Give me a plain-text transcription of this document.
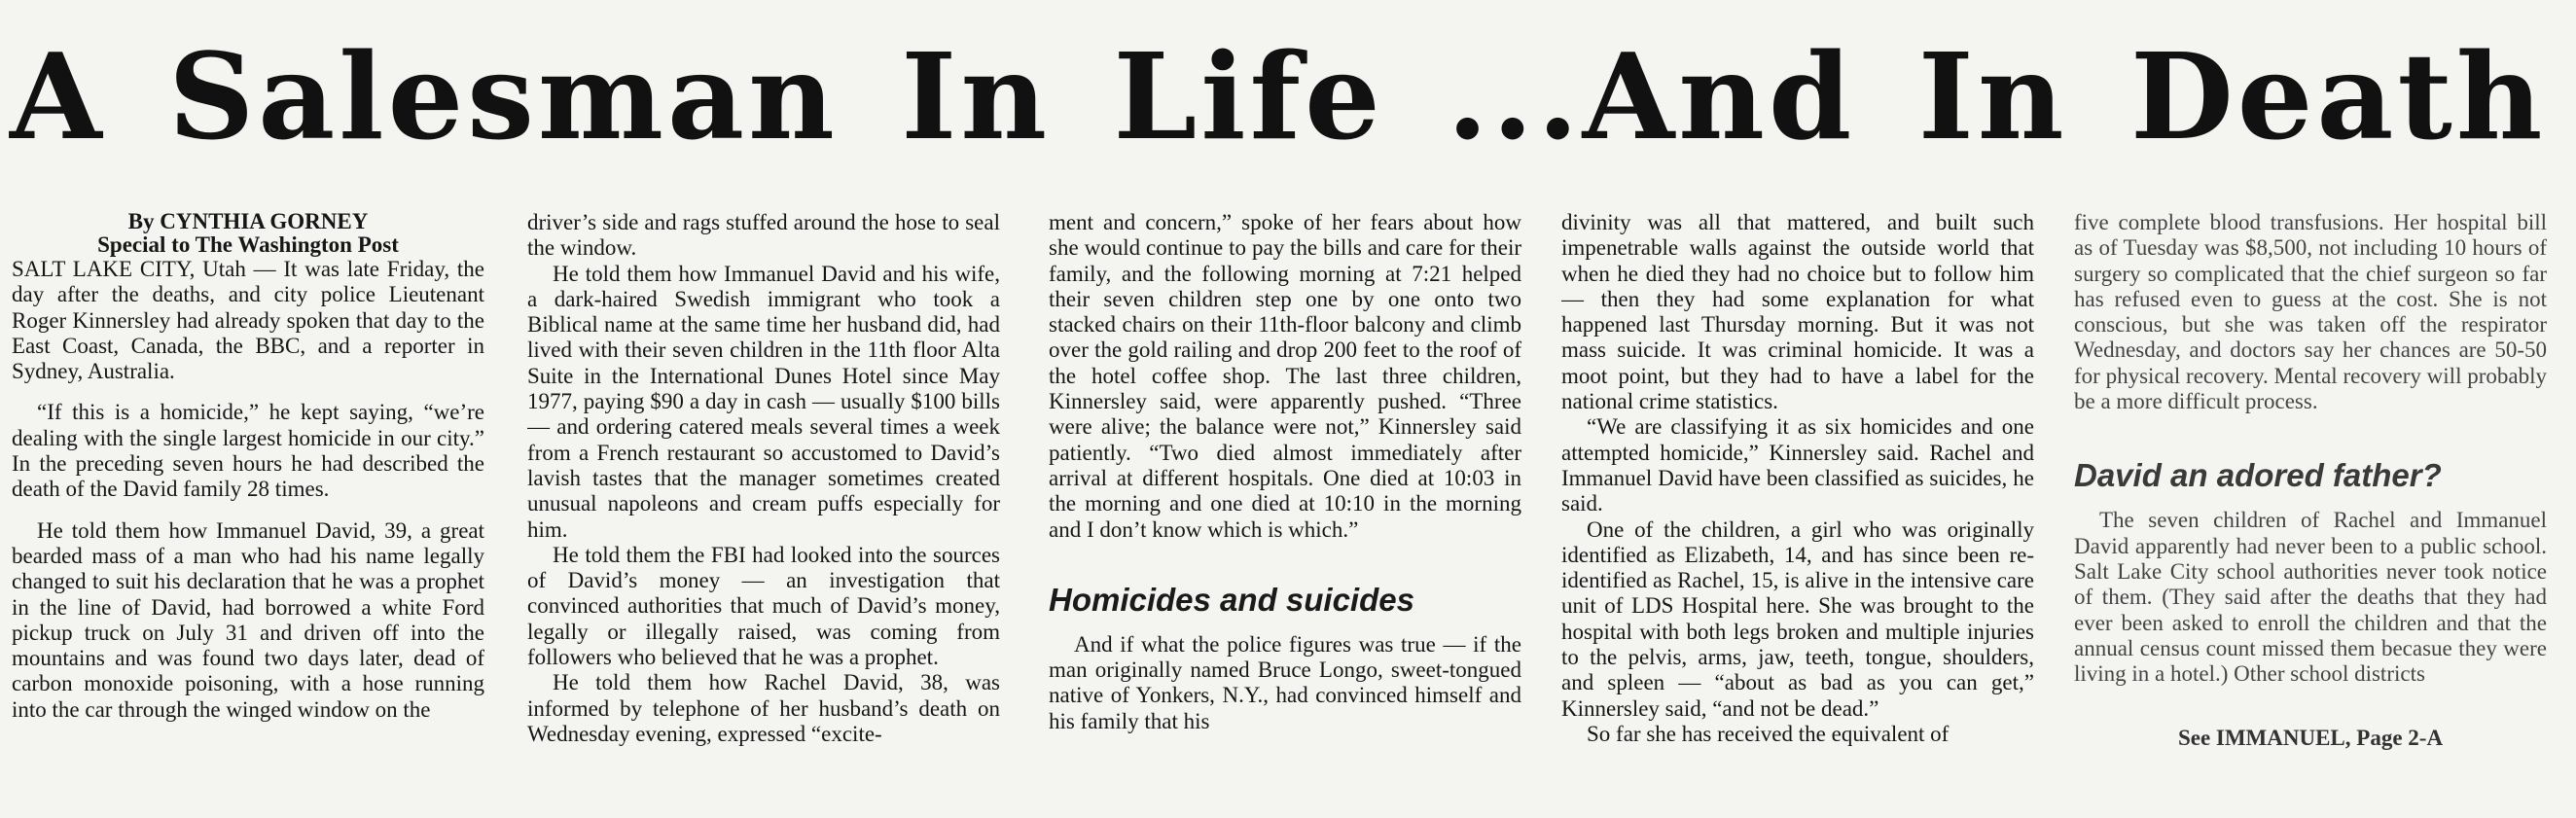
A Salesman In Life ...And In Death
By CYNTHIA GORNEY
Special to The Washington Post

SALT LAKE CITY, Utah — It was late Friday, the day after the deaths, and city police Lieutenant Roger Kinnersley had already spoken that day to the East Coast, Canada, the BBC, and a reporter in Sydney, Australia.

“If this is a homicide,” he kept saying, “we’re dealing with the single largest homicide in our city.” In the preceding seven hours he had described the death of the David family 28 times.

He told them how Immanuel David, 39, a great bearded mass of a man who had his name legally changed to suit his declaration that he was a prophet in the line of David, had borrowed a white Ford pickup truck on July 31 and driven off into the mountains and was found two days later, dead of carbon monoxide poisoning, with a hose running into the car through the winged window on the

driver’s side and rags stuffed around the hose to seal the window.

He told them how Immanuel David and his wife, a dark-haired Swedish immigrant who took a Biblical name at the same time her husband did, had lived with their seven children in the 11th floor Alta Suite in the International Dunes Hotel since May 1977, paying $90 a day in cash — usually $100 bills — and ordering catered meals several times a week from a French restaurant so accustomed to David’s lavish tastes that the manager sometimes created unusual napoleons and cream puffs especially for him.

He told them the FBI had looked into the sources of David’s money — an investigation that convinced authorities that much of David’s money, legally or illegally raised, was coming from followers who believed that he was a prophet.

He told them how Rachel David, 38, was informed by telephone of her husband’s death on Wednesday evening, expressed “excite-

ment and concern,” spoke of her fears about how she would continue to pay the bills and care for their family, and the following morning at 7:21 helped their seven children step one by one onto two stacked chairs on their 11th-floor balcony and climb over the gold railing and drop 200 feet to the roof of the hotel coffee shop. The last three children, Kinnersley said, were apparently pushed. “Three were alive; the balance were not,” Kinnersley said patiently. “Two died almost immediately after arrival at different hospitals. One died at 10:03 in the morning and one died at 10:10 in the morning and I don’t know which is which.”

Homicides and suicides

And if what the police figures was true — if the man originally named Bruce Longo, sweet-tongued native of Yonkers, N.Y., had convinced himself and his family that his

divinity was all that mattered, and built such impenetrable walls against the outside world that when he died they had no choice but to follow him — then they had some explanation for what happened last Thursday morning. But it was not mass suicide. It was criminal homicide. It was a moot point, but they had to have a label for the national crime statistics.

“We are classifying it as six homicides and one attempted homicide,” Kinnersley said. Rachel and Immanuel David have been classified as suicides, he said.

One of the children, a girl who was originally identified as Elizabeth, 14, and has since been re-identified as Rachel, 15, is alive in the intensive care unit of LDS Hospital here. She was brought to the hospital with both legs broken and multiple injuries to the pelvis, arms, jaw, teeth, tongue, shoulders, and spleen — “about as bad as you can get,” Kinnersley said, “and not be dead.”

So far she has received the equivalent of

five complete blood transfusions. Her hospital bill as of Tuesday was $8,500, not including 10 hours of surgery so complicated that the chief surgeon so far has refused even to guess at the cost. She is not conscious, but she was taken off the respirator Wednesday, and doctors say her chances are 50-50 for physical recovery. Mental recovery will probably be a more difficult process.

David an adored father?

The seven children of Rachel and Immanuel David apparently had never been to a public school. Salt Lake City school authorities never took notice of them. (They said after the deaths that they had ever been asked to enroll the children and that the annual census count missed them becasue they were living in a hotel.) Other school districts

See IMMANUEL, Page 2-A
